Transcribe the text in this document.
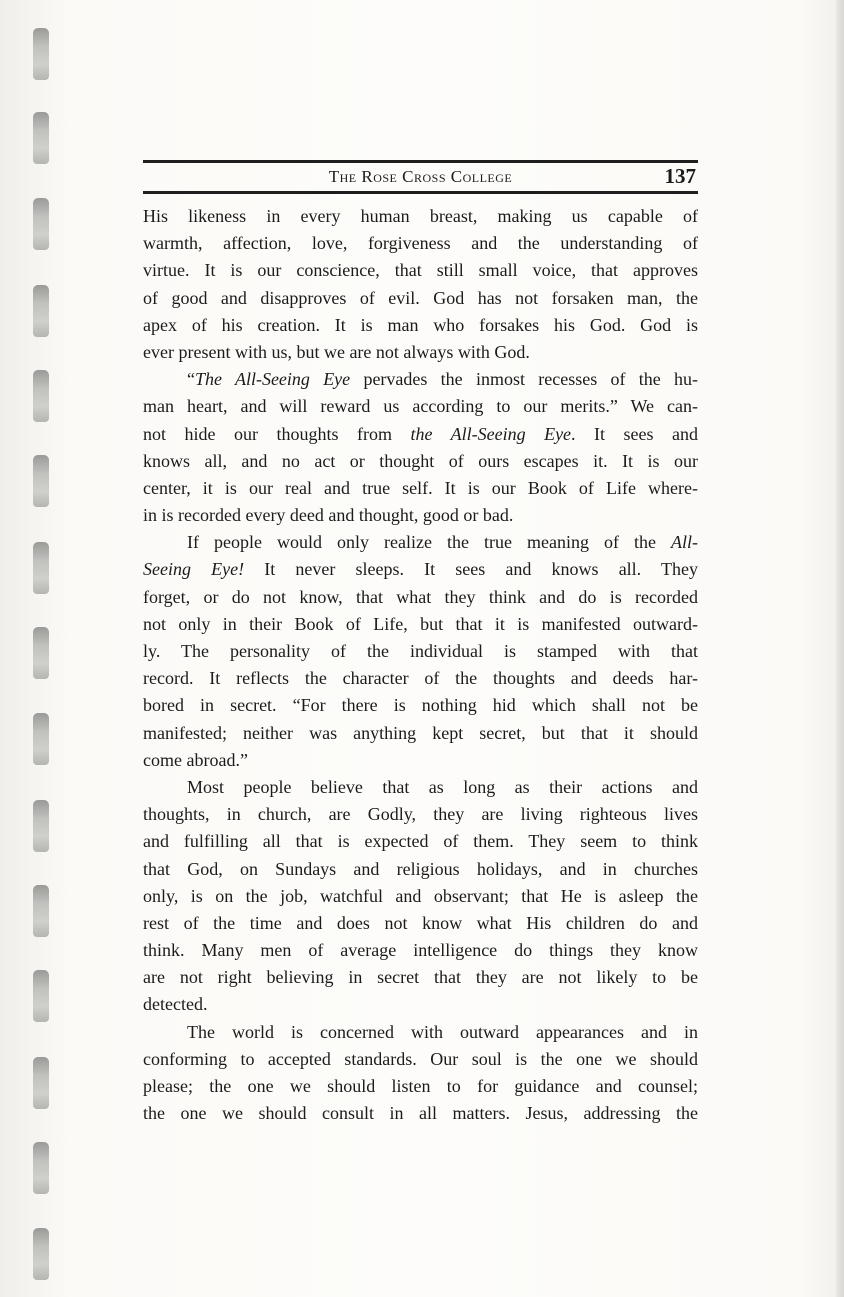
The Rose Cross College	137
His likeness in every human breast, making us capable of
warmth, affection, love, forgiveness and the understanding of
virtue. It is our conscience, that still small voice, that approves
of good and disapproves of evil. God has not forsaken man, the
apex of his creation. It is man who forsakes his God. God is
ever present with us, but we are not always with God.
“The All-Seeing Eye pervades the inmost recesses of the hu-
man heart, and will reward us according to our merits.” We can-
not hide our thoughts from the All-Seeing Eye. It sees and
knows all, and no act or thought of ours escapes it. It is our
center, it is our real and true self. It is our Book of Life where-
in is recorded every deed and thought, good or bad.
If people would only realize the true meaning of the All-
Seeing Eye! It never sleeps. It sees and knows all. They
forget, or do not know, that what they think and do is recorded
not only in their Book of Life, but that it is manifested outward-
ly. The personality of the individual is stamped with that
record. It reflects the character of the thoughts and deeds har-
bored in secret. “For there is nothing hid which shall not be
manifested; neither was anything kept secret, but that it should
come abroad.”
Most people believe that as long as their actions and
thoughts, in church, are Godly, they are living righteous lives
and fulfilling all that is expected of them. They seem to think
that God, on Sundays and religious holidays, and in churches
only, is on the job, watchful and observant; that He is asleep the
rest of the time and does not know what His children do and
think. Many men of average intelligence do things they know
are not right believing in secret that they are not likely to be
detected.
The world is concerned with outward appearances and in
conforming to accepted standards. Our soul is the one we should
please; the one we should listen to for guidance and counsel;
the one we should consult in all matters. Jesus, addressing the
